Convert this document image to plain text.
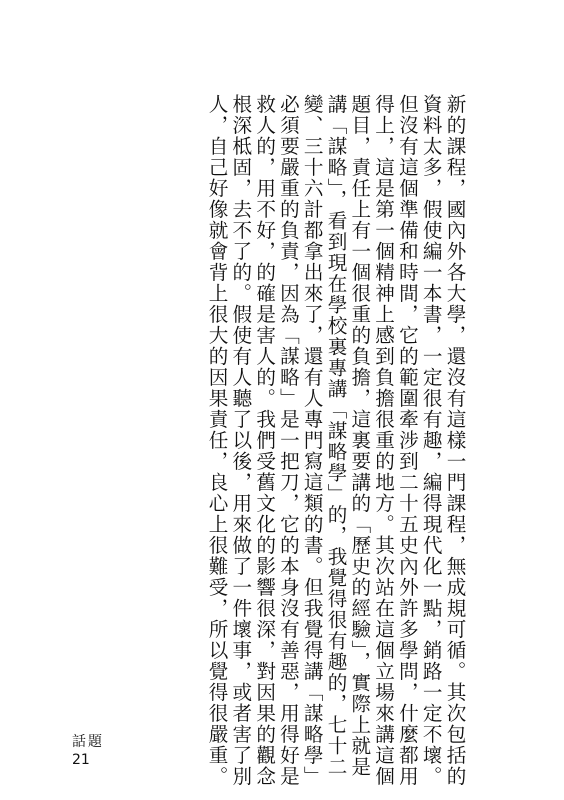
新的課程，國內外各大學，還沒有這樣一門課程，無成規可循。其次包括的
資料太多，假使編一本書，一定很有趣，編得現代化一點，銷路一定不壞。
但沒有這個準備和時間，它的範圍牽涉到二十五史內外許多學問，什麼都用
得上，這是第一個精神上感到負擔很重的地方。其次站在這個立場來講這個
題目，責任上有一個很重的負擔，這裏要講的「歷史的經驗」，實際上就是
講「謀略」，看到現在學校裏專講「謀略學」的，我覺得很有趣的，七十二
變、三十六計都拿出來了，還有人專門寫這類的書。但我覺得講「謀略學」
必須要嚴重的負責，因為「謀略」是一把刀，它的本身沒有善惡，用得好是
救人的，用不好，的確是害人的。我們受舊文化的影響很深，對因果的觀念
根深柢固，去不了的。假使有人聽了以後，用來做了一件壞事，或者害了別
人，自己好像就會背上很大的因果責任，良心上很難受，所以覺得很嚴重。
話題
21
